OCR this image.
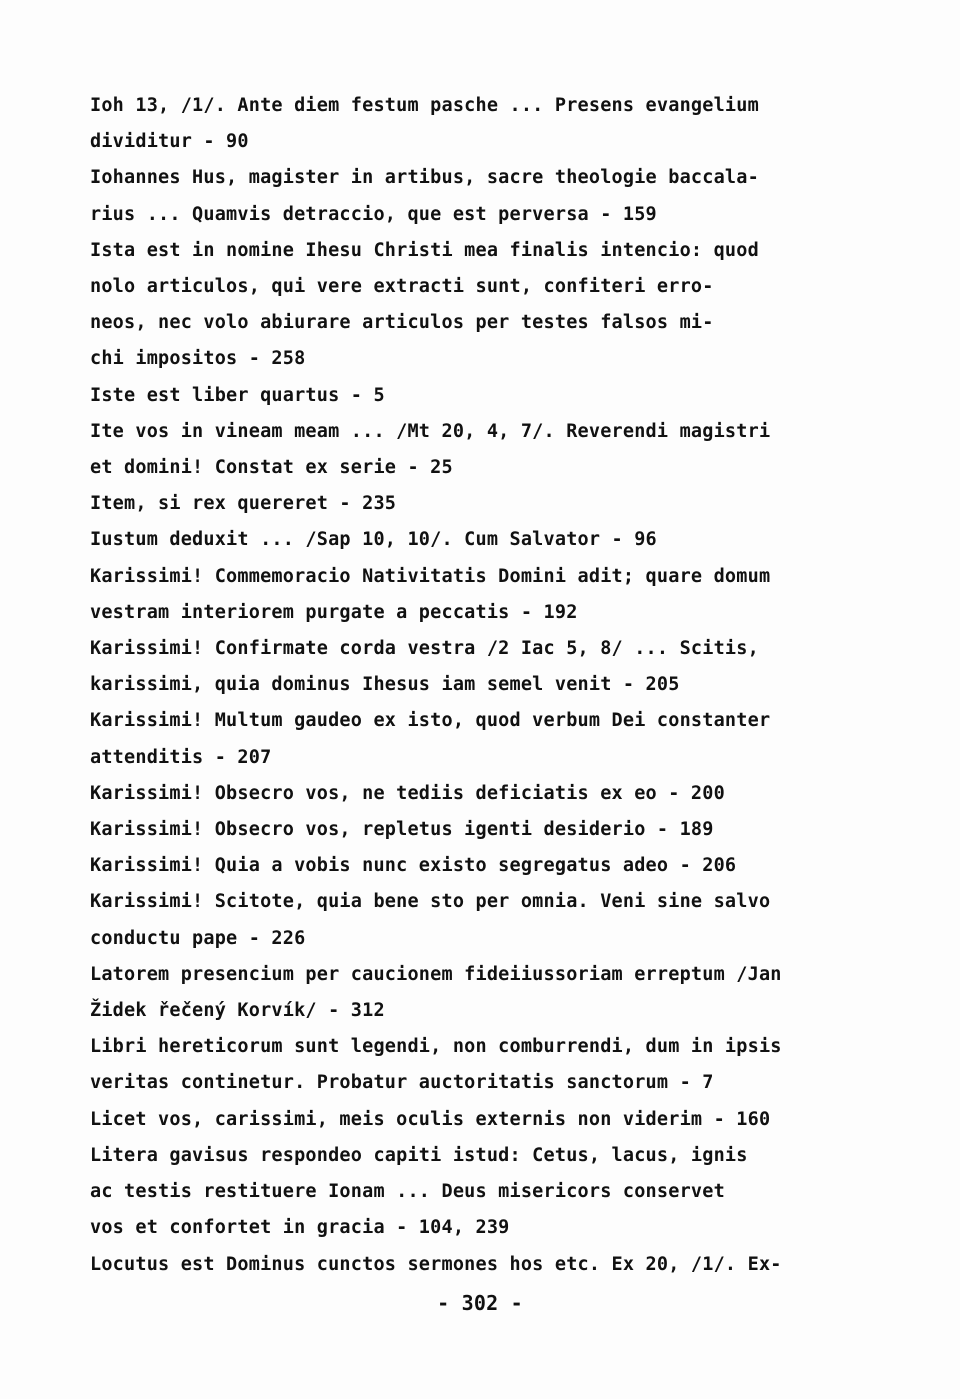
Ioh 13, /1/. Ante diem festum pasche ... Presens evangelium
dividitur - 90
Iohannes Hus, magister in artibus, sacre theologie baccala-
rius ... Quamvis detraccio, que est perversa - 159
Ista est in nomine Ihesu Christi mea finalis intencio: quod
nolo articulos, qui vere extracti sunt, confiteri erro-
neos, nec volo abiurare articulos per testes falsos mi-
chi impositos - 258
Iste est liber quartus - 5
Ite vos in vineam meam ... /Mt 20, 4, 7/. Reverendi magistri
et domini! Constat ex serie - 25
Item, si rex quereret - 235
Iustum deduxit ... /Sap 10, 10/. Cum Salvator - 96
Karissimi! Commemoracio Nativitatis Domini adit; quare domum
vestram interiorem purgate a peccatis - 192
Karissimi! Confirmate corda vestra /2 Iac 5, 8/ ... Scitis,
karissimi, quia dominus Ihesus iam semel venit - 205
Karissimi! Multum gaudeo ex isto, quod verbum Dei constanter
attenditis - 207
Karissimi! Obsecro vos, ne tediis deficiatis ex eo - 200
Karissimi! Obsecro vos, repletus igenti desiderio - 189
Karissimi! Quia a vobis nunc existo segregatus adeo - 206
Karissimi! Scitote, quia bene sto per omnia. Veni sine salvo
conductu pape - 226
Latorem presencium per caucionem fideiiussoriam erreptum /Jan
Židek řečený Korvík/ - 312
Libri hereticorum sunt legendi, non comburrendi, dum in ipsis
veritas continetur. Probatur auctoritatis sanctorum - 7
Licet vos, carissimi, meis oculis externis non viderim - 160
Litera gavisus respondeo capiti istud: Cetus, lacus, ignis
ac testis restituere Ionam ... Deus misericors conservet
vos et confortet in gracia - 104, 239
Locutus est Dominus cunctos sermones hos etc. Ex 20, /1/. Ex-
- 302 -
